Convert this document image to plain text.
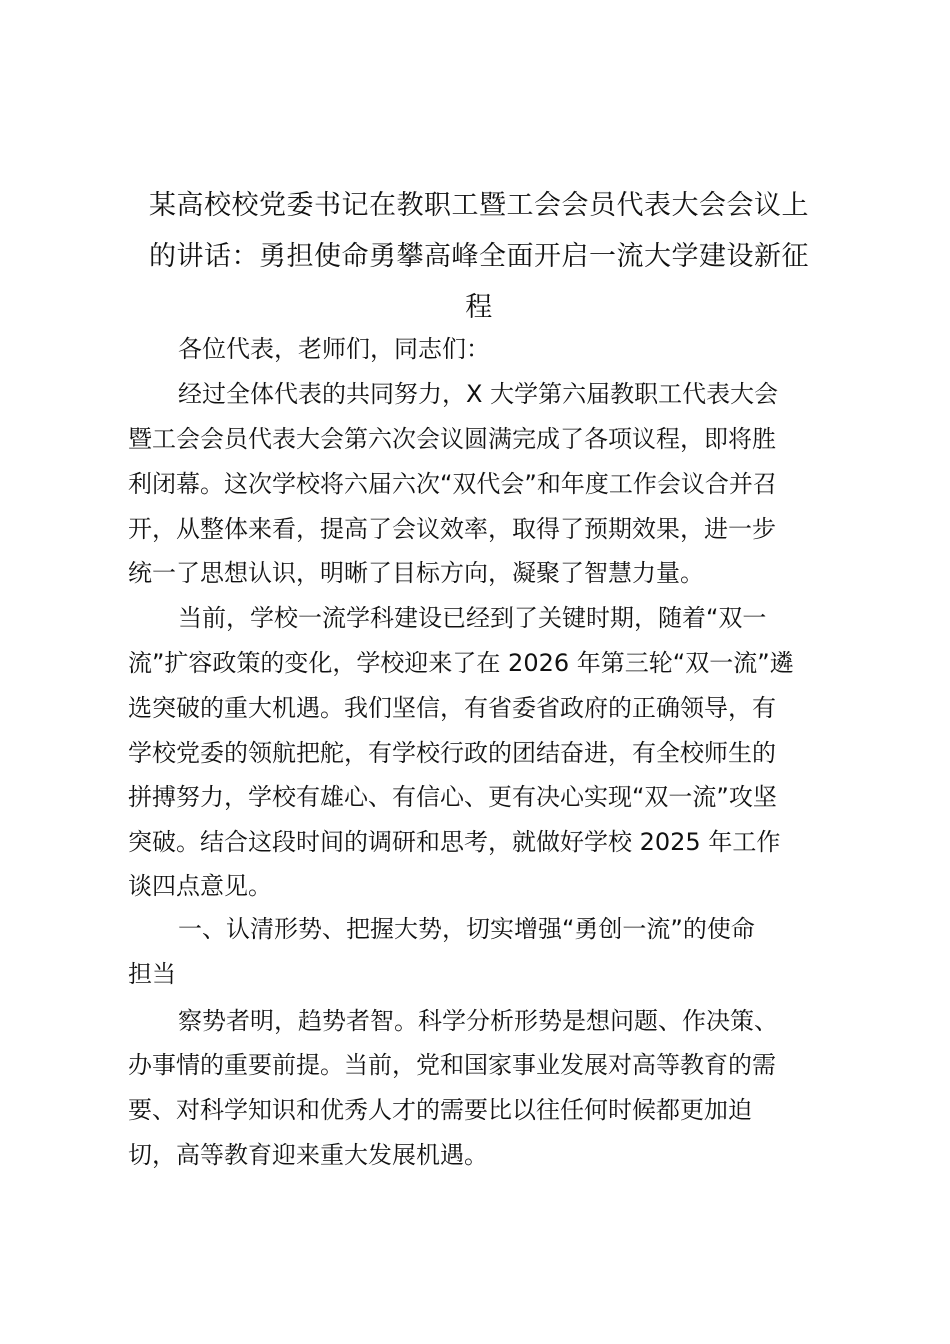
某高校校党委书记在教职工暨工会会员代表大会会议上
的讲话：勇担使命勇攀高峰全面开启一流大学建设新征
程
各位代表，老师们，同志们：
经过全体代表的共同努力，X 大学第六届教职工代表大会
暨工会会员代表大会第六次会议圆满完成了各项议程，即将胜
利闭幕。这次学校将六届六次“双代会”和年度工作会议合并召
开，从整体来看，提高了会议效率，取得了预期效果，进一步
统一了思想认识，明晰了目标方向，凝聚了智慧力量。
当前，学校一流学科建设已经到了关键时期，随着“双一
流”扩容政策的变化，学校迎来了在 2026 年第三轮“双一流”遴
选突破的重大机遇。我们坚信，有省委省政府的正确领导，有
学校党委的领航把舵，有学校行政的团结奋进，有全校师生的
拼搏努力，学校有雄心、有信心、更有决心实现“双一流”攻坚
突破。结合这段时间的调研和思考，就做好学校 2025 年工作
谈四点意见。
一、认清形势、把握大势，切实增强“勇创一流”的使命
担当
察势者明，趋势者智。科学分析形势是想问题、作决策、
办事情的重要前提。当前，党和国家事业发展对高等教育的需
要、对科学知识和优秀人才的需要比以往任何时候都更加迫
切，高等教育迎来重大发展机遇。
